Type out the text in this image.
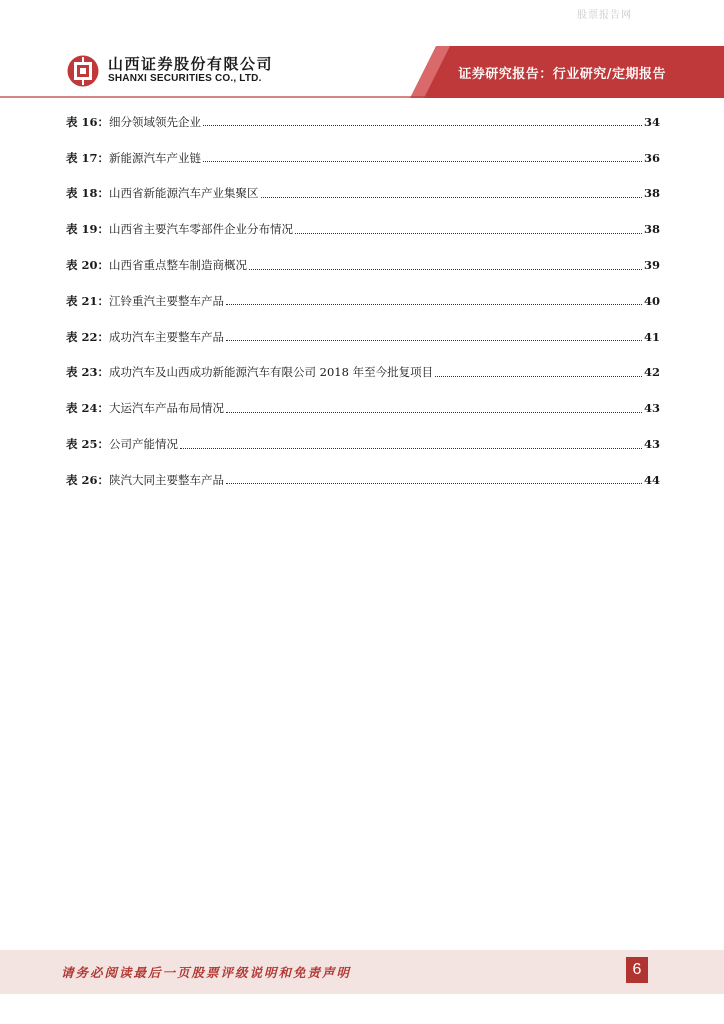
股票报告网
山西证券股份有限公司
SHANXI SECURITIES CO., LTD.	证券研究报告：行业研究/定期报告
表 16：细分领域领先企业	34
表 17：新能源汽车产业链	36
表 18：山西省新能源汽车产业集聚区	38
表 19：山西省主要汽车零部件企业分布情况	38
表 20：山西省重点整车制造商概况	39
表 21：江铃重汽主要整车产品	40
表 22：成功汽车主要整车产品	41
表 23：成功汽车及山西成功新能源汽车有限公司 2018 年至今批复项目	42
表 24：大运汽车产品布局情况	43
表 25：公司产能情况	43
表 26：陕汽大同主要整车产品	44
请务必阅读最后一页股票评级说明和免责声明	6
